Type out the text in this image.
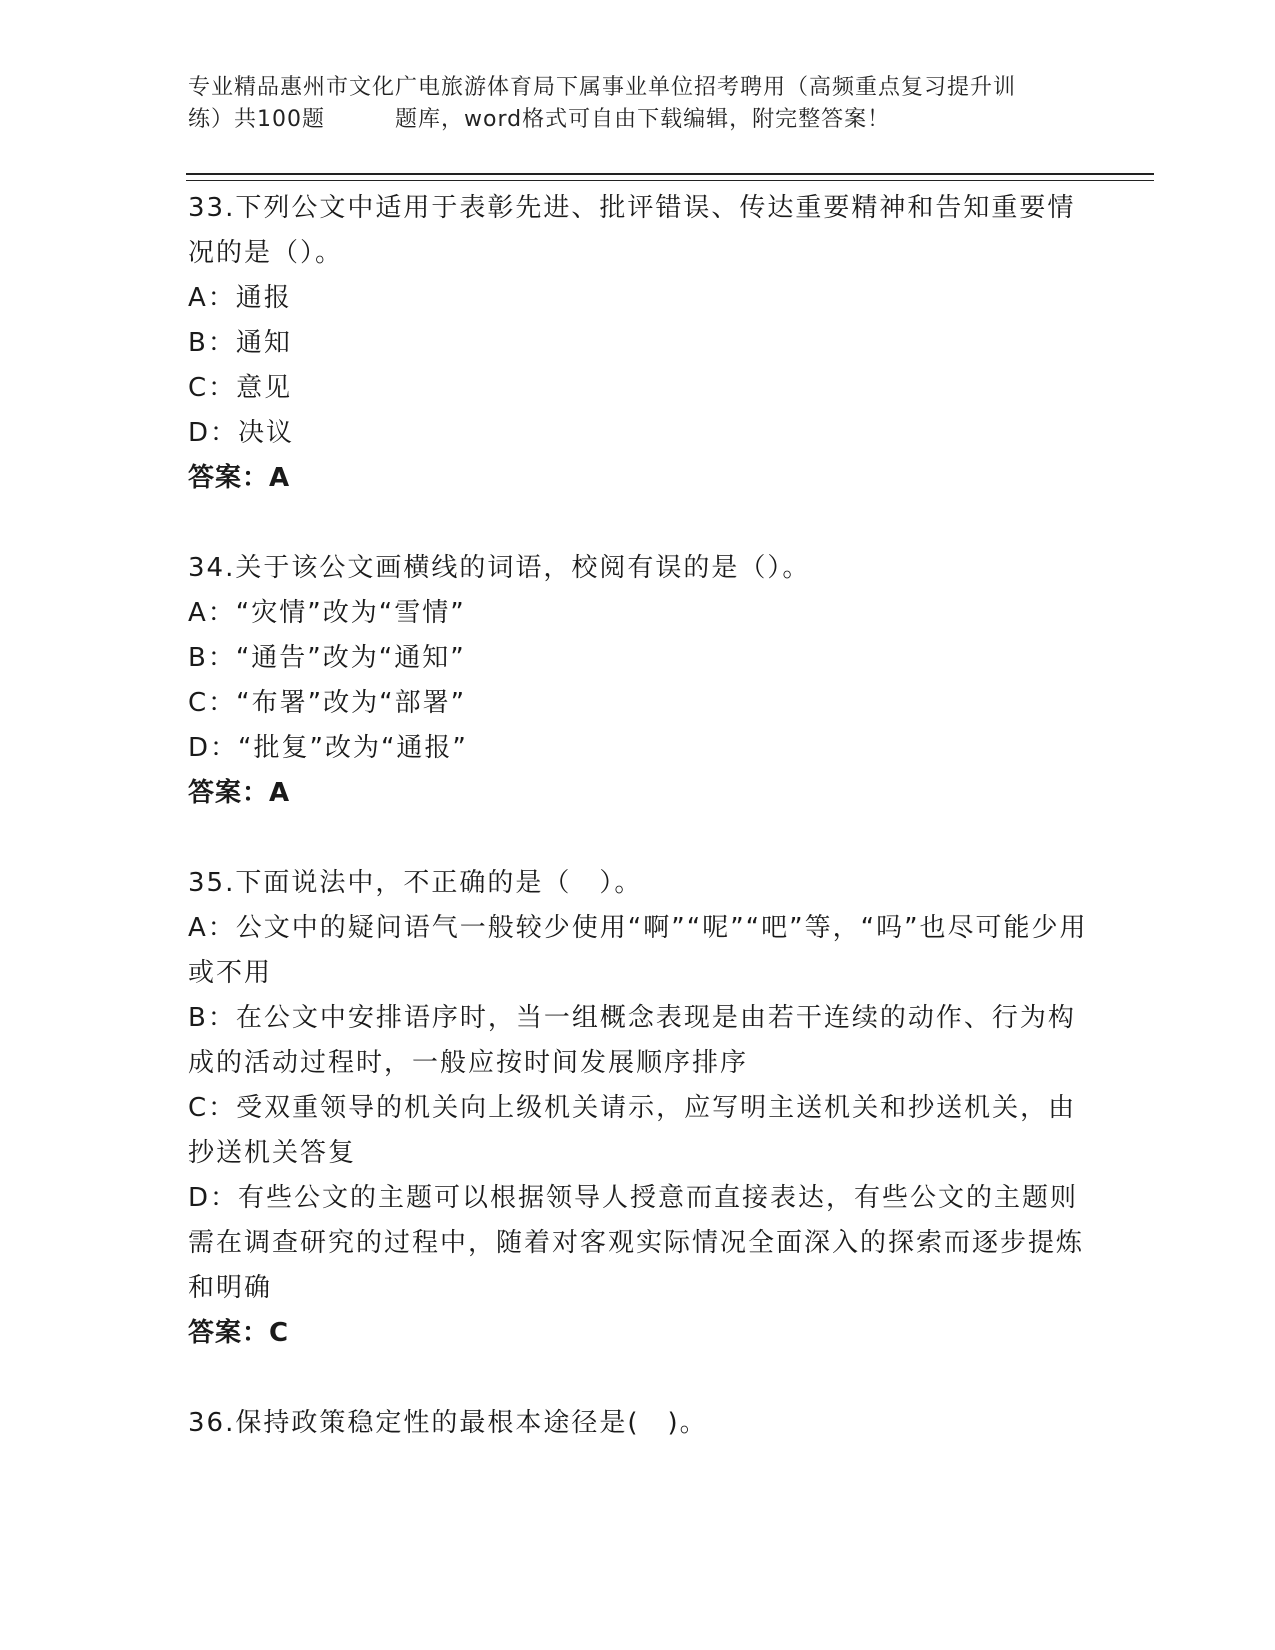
专业精品惠州市文化广电旅游体育局下属事业单位招考聘用（高频重点复习提升训
练）共100题	题库，word格式可自由下载编辑，附完整答案！

33.下列公文中适用于表彰先进、批评错误、传达重要精神和告知重要情况的是（）。

A：通报

B：通知

C：意见

D：决议

答案：A

34.关于该公文画横线的词语，校阅有误的是（）。

A：“灾情”改为“雪情”

B：“通告”改为“通知”

C：“布署”改为“部署”

D：“批复”改为“通报”

答案：A

35.下面说法中，不正确的是（　）。

A：公文中的疑问语气一般较少使用“啊”“呢”“吧”等，“吗”也尽可能少用或不用

B：在公文中安排语序时，当一组概念表现是由若干连续的动作、行为构成的活动过程时，一般应按时间发展顺序排序

C：受双重领导的机关向上级机关请示，应写明主送机关和抄送机关，由抄送机关答复

D：有些公文的主题可以根据领导人授意而直接表达，有些公文的主题则需在调查研究的过程中，随着对客观实际情况全面深入的探索而逐步提炼和明确

答案：C

36.保持政策稳定性的最根本途径是(　)。
